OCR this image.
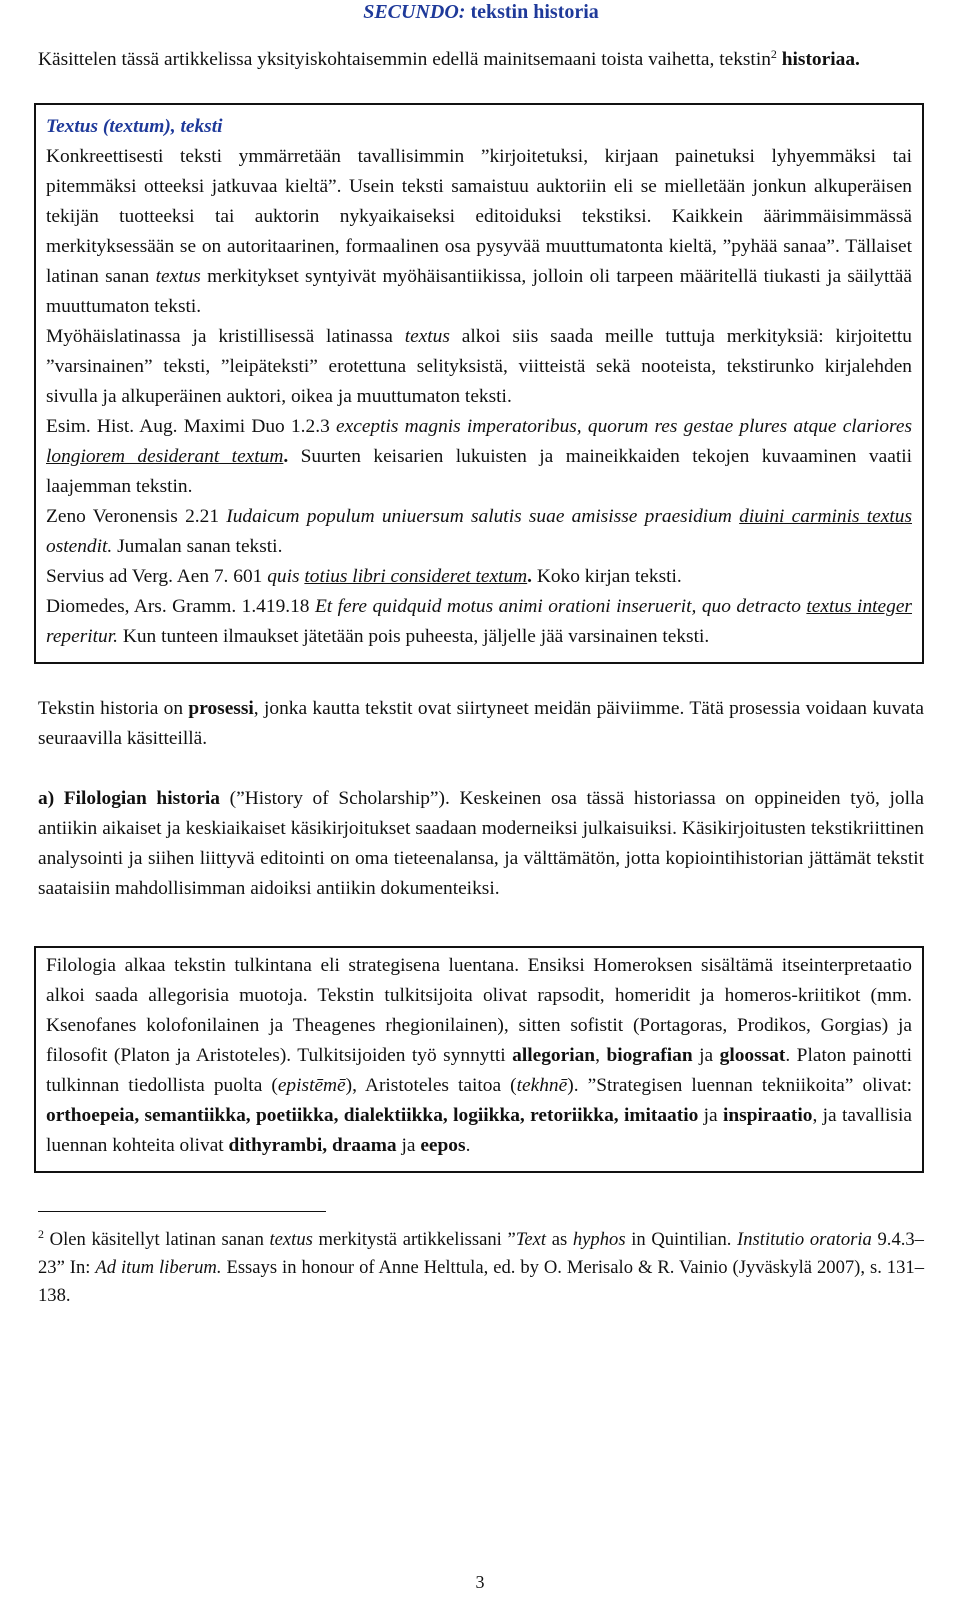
SECUNDO: tekstin historia

Käsittelen tässä artikkelissa yksityiskohtaisemmin edellä mainitsemaani toista vaihetta, tekstin$^2$ historiaa.

Textus (textum), teksti

Konkreettisesti teksti ymmärretään tavallisimmin ”kirjoitetuksi, kirjaan painetuksi lyhyemmäksi tai pitemmäksi otteeksi jatkuvaa kieltä”. Usein teksti samaistuu auktoriin eli se mielletään jonkun alkuperäisen tekijän tuotteeksi tai auktorin nykyaikaiseksi editoiduksi tekstiksi. Kaikkein äärimmäisimmässä merkityksessään se on autoritaarinen, formaalinen osa pysyvää muuttumatonta kieltä, ”pyhää sanaa”. Tällaiset latinan sanan textus merkitykset syntyivät myöhäisantiikissa, jolloin oli tarpeen määritellä tiukasti ja säilyttää muuttumaton teksti.

Myöhäislatinassa ja kristillisessä latinassa textus alkoi siis saada meille tuttuja merkityksiä: kirjoitettu ”varsinainen” teksti, ”leipäteksti” erotettuna selityksistä, viitteistä sekä nooteista, tekstirunko kirjalehden sivulla ja alkuperäinen auktori, oikea ja muuttumaton teksti.

Esim. Hist. Aug. Maximi Duo 1.2.3 exceptis magnis imperatoribus, quorum res gestae plures atque clariores longiorem desiderant textum. Suurten keisarien lukuisten ja maineikkaiden tekojen kuvaaminen vaatii laajemman tekstin.

Zeno Veronensis 2.21 Iudaicum populum uniuersum salutis suae amisisse praesidium diuini carminis textus ostendit. Jumalan sanan teksti.

Servius ad Verg. Aen 7. 601 quis totius libri consideret textum. Koko kirjan teksti.

Diomedes, Ars. Gramm. 1.419.18 Et fere quidquid motus animi orationi inseruerit, quo detracto textus integer reperitur. Kun tunteen ilmaukset jätetään pois puheesta, jäljelle jää varsinainen teksti.

Tekstin historia on prosessi, jonka kautta tekstit ovat siirtyneet meidän päiviimme. Tätä prosessia voidaan kuvata seuraavilla käsitteillä.

a) Filologian historia (”History of Scholarship”). Keskeinen osa tässä historiassa on oppineiden työ, jolla antiikin aikaiset ja keskiaikaiset käsikirjoitukset saadaan moderneiksi julkaisuiksi. Käsikirjoitusten tekstikriittinen analysointi ja siihen liittyvä editointi on oma tieteenalansa, ja välttämätön, jotta kopiointihistorian jättämät tekstit saataisiin mahdollisimman aidoiksi antiikin dokumenteiksi.

Filologia alkaa tekstin tulkintana eli strategisena luentana. Ensiksi Homeroksen sisältämä itseinterpretaatio alkoi saada allegorisia muotoja. Tekstin tulkitsijoita olivat rapsodit, homeridit ja homeros-kriitikot (mm. Ksenofanes kolofonilainen ja Theagenes rhegionilainen), sitten sofistit (Portagoras, Prodikos, Gorgias) ja filosofit (Platon ja Aristoteles). Tulkitsijoiden työ synnytti allegorian, biografian ja gloossat. Platon painotti tulkinnan tiedollista puolta (epistēmē), Aristoteles taitoa (tekhnē). ”Strategisen luennan tekniikoita” olivat: orthoepeia, semantiikka, poetiikka, dialektiikka, logiikka, retoriikka, imitaatio ja inspiraatio, ja tavallisia luennan kohteita olivat dithyrambi, draama ja eepos.

$^2$ Olen käsitellyt latinan sanan textus merkitystä artikkelissani ”Text as hyphos in Quintilian. Institutio oratoria 9.4.3–23” In: Ad itum liberum. Essays in honour of Anne Helttula, ed. by O. Merisalo & R. Vainio (Jyväskylä 2007), s. 131–138.

3
